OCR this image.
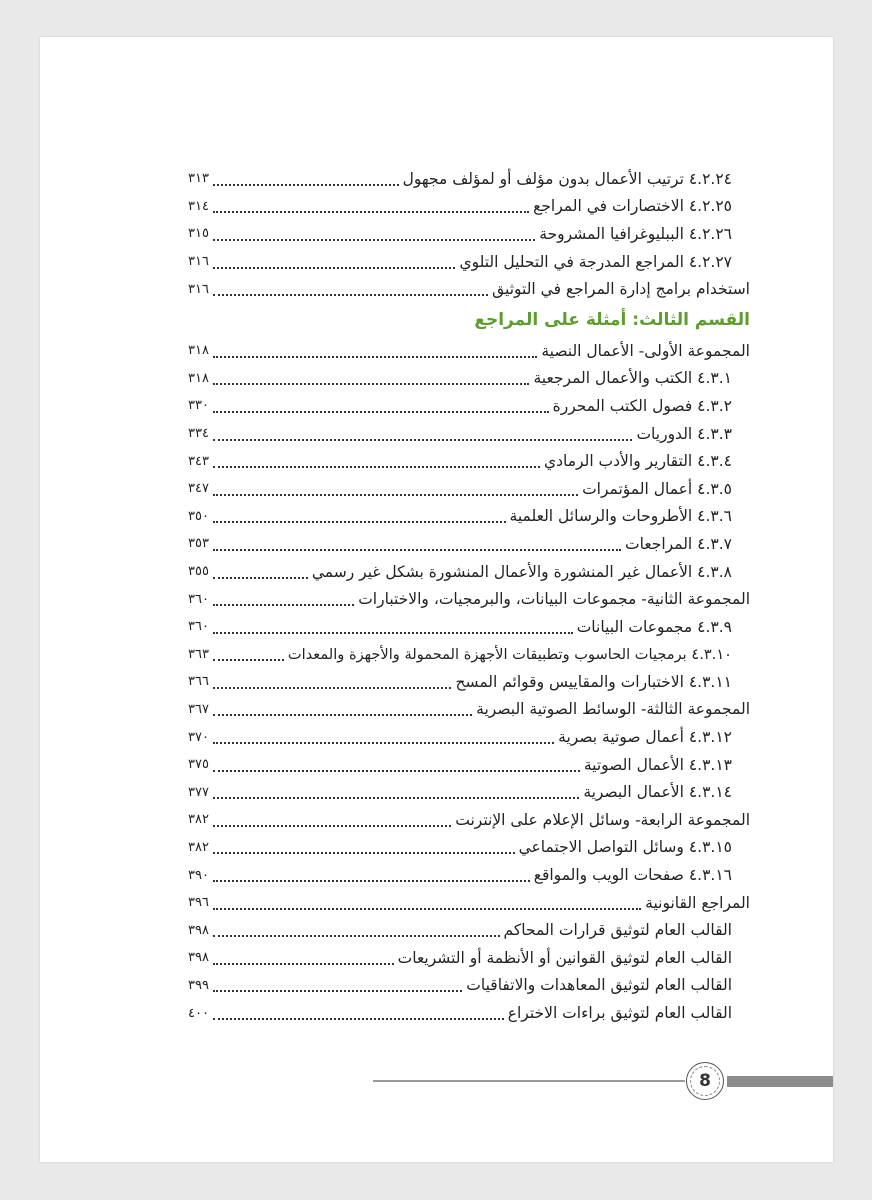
٤.٢.٢٤ ترتيب الأعمال بدون مؤلف أو لمؤلف مجهول
٣١٣
٤.٢.٢٥ الاختصارات في المراجع
٣١٤
٤.٢.٢٦ الببليوغرافيا المشروحة
٣١٥
٤.٢.٢٧ المراجع المدرجة في التحليل التلوي
٣١٦
استخدام برامج إدارة المراجع في التوثيق
٣١٦
القسم الثالث: أمثلة على المراجع
المجموعة الأولى- الأعمال النصية
٣١٨
٤.٣.١ الكتب والأعمال المرجعية
٣١٨
٤.٣.٢ فصول الكتب المحررة
٣٣٠
٤.٣.٣ الدوريات
٣٣٤
٤.٣.٤ التقارير والأدب الرمادي
٣٤٣
٤.٣.٥ أعمال المؤتمرات
٣٤٧
٤.٣.٦ الأطروحات والرسائل العلمية
٣٥٠
٤.٣.٧ المراجعات
٣٥٣
٤.٣.٨ الأعمال غير المنشورة والأعمال المنشورة بشكل غير رسمي
٣٥٥
المجموعة الثانية- مجموعات البيانات، والبرمجيات، والاختبارات
٣٦٠
٤.٣.٩ مجموعات البيانات
٣٦٠
٤.٣.١٠ برمجيات الحاسوب وتطبيقات الأجهزة المحمولة والأجهزة والمعدات
٣٦٣
٤.٣.١١ الاختبارات والمقاييس وقوائم المسح
٣٦٦
المجموعة الثالثة- الوسائط الصوتية البصرية
٣٦٧
٤.٣.١٢ أعمال صوتية بصرية
٣٧٠
٤.٣.١٣ الأعمال الصوتية
٣٧٥
٤.٣.١٤ الأعمال البصرية
٣٧٧
المجموعة الرابعة- وسائل الإعلام على الإنترنت
٣٨٢
٤.٣.١٥ وسائل التواصل الاجتماعي
٣٨٢
٤.٣.١٦ صفحات الويب والمواقع
٣٩٠
المراجع القانونية
٣٩٦
القالب العام لتوثيق قرارات المحاكم
٣٩٨
القالب العام لتوثيق القوانين أو الأنظمة أو التشريعات
٣٩٨
القالب العام لتوثيق المعاهدات والاتفاقيات
٣٩٩
القالب العام لتوثيق براءات الاختراع
٤٠٠
8
